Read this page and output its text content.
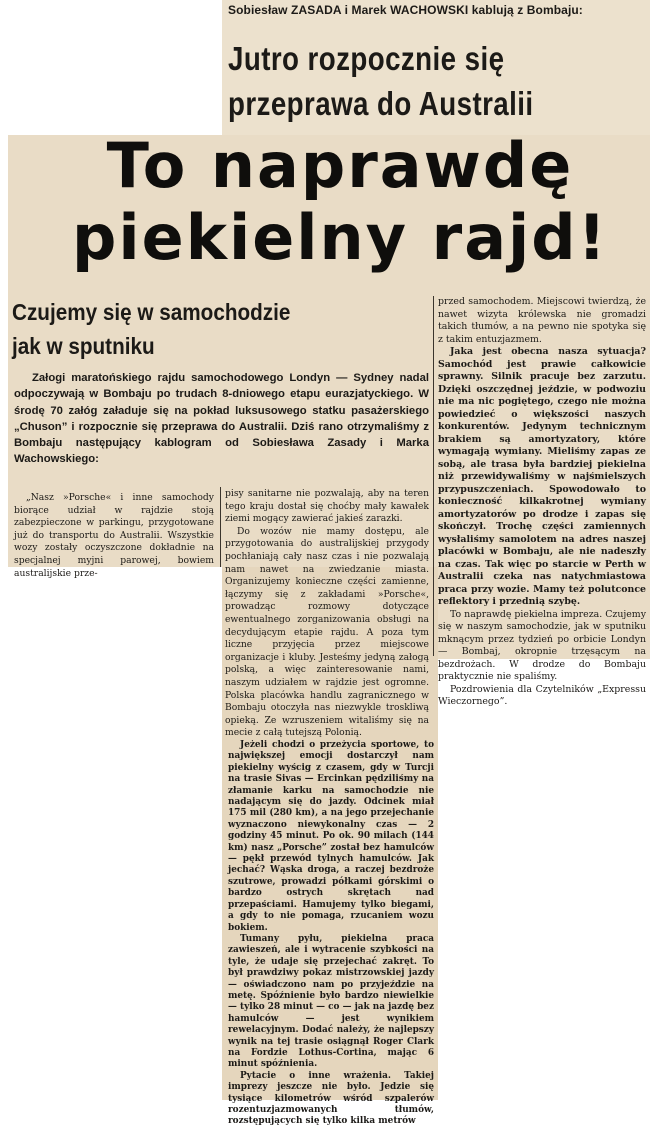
Sobiesław ZASADA i Marek WACHOWSKI kablują z Bombaju:
Jutro rozpocznie się
przeprawa do Australii
To naprawdę
piekielny rajd!
Czujemy się w samochodzie
jak w sputniku
Załogi maratońskiego rajdu samochodowego Londyn — Sydney nadal odpoczywają w Bombaju po trudach 8-dniowego etapu eurazjatyckiego. W środę 70 załóg załaduje się na pokład luksusowego statku pasażerskiego „Chuson” i rozpocznie się przeprawa do Australii. Dziś rano otrzymaliśmy z Bombaju następujący kablogram od Sobiesława Zasady i Marka Wachowskiego:

„Nasz »Porsche« i inne samochody biorące udział w rajdzie stoją zabezpieczone w parkingu, przygotowane już do transportu do Australii. Wszystkie wozy zostały oczyszczone dokładnie na specjalnej myjni parowej, bowiem australijskie prze-

pisy sanitarne nie pozwalają, aby na teren tego kraju dostał się choćby mały kawałek ziemi mogący zawierać jakieś zarazki.

Do wozów nie mamy dostępu, ale przygotowania do australijskiej przygody pochłaniają cały nasz czas i nie pozwalają nam nawet na zwiedzanie miasta. Organizujemy konieczne części zamienne, łączymy się z zakładami »Porsche«, prowadząc rozmowy dotyczące ewentualnego zorganizowania obsługi na decydującym etapie rajdu. A poza tym liczne przyjęcia przez miejscowe organizacje i kluby. Jesteśmy jedyną załogą polską, a więc zainteresowanie nami, naszym udziałem w rajdzie jest ogromne. Polska placówka handlu zagranicznego w Bombaju otoczyła nas niezwykle troskliwą opieką. Ze wzruszeniem witaliśmy się na mecie z całą tutejszą Polonią.

Jeżeli chodzi o przeżycia sportowe, to największej emocji dostarczył nam piekielny wyścig z czasem, gdy w Turcji na trasie Sivas — Ercinkan pędziliśmy na złamanie karku na samochodzie nie nadającym się do jazdy. Odcinek miał 175 mil (280 km), a na jego przejechanie wyznaczono niewykonalny czas — 2 godziny 45 minut. Po ok. 90 milach (144 km) nasz „Porsche” został bez hamulców — pękł przewód tylnych hamulców. Jak jechać? Wąska droga, a raczej bezdroże szutrowe, prowadzi półkami górskimi o bardzo ostrych skrętach nad przepaściami. Hamujemy tylko biegami, a gdy to nie pomaga, rzucaniem wozu bokiem.

Tumany pyłu, piekielna praca zawieszeń, ale i wytracenie szybkości na tyle, że udaje się przejechać zakręt. To był prawdziwy pokaz mistrzowskiej jazdy — oświadczono nam po przyjeździe na metę. Spóźnienie było bardzo niewielkie — tylko 28 minut — co — jak na jazdę bez hamulców — jest wynikiem rewelacyjnym. Dodać należy, że najlepszy wynik na tej trasie osiągnął Roger Clark na Fordzie Lothus-Cortina, mając 6 minut spóźnienia.

Pytacie o inne wrażenia. Takiej imprezy jeszcze nie było. Jedzie się tysiące kilometrów wśród szpalerów rozentuzjazmowanych tłumów, rozstępujących się tylko kilka metrów

przed samochodem. Miejscowi twierdzą, że nawet wizyta królewska nie gromadzi takich tłumów, a na pewno nie spotyka się z takim entuzjazmem.

Jaka jest obecna nasza sytuacja? Samochód jest prawie całkowicie sprawny. Silnik pracuje bez zarzutu. Dzięki oszczędnej jeździe, w podwoziu nie ma nic pogiętego, czego nie można powiedzieć o większości naszych konkurentów. Jedynym technicznym brakiem są amortyzatory, które wymagają wymiany. Mieliśmy zapas ze sobą, ale trasa była bardziej piekielna niż przewidywaliśmy w najśmielszych przypuszczeniach. Spowodowało to konieczność kilkakrotnej wymiany amortyzatorów po drodze i zapas się skończył. Trochę części zamiennych wysłaliśmy samolotem na adres naszej placówki w Bombaju, ale nie nadeszły na czas. Tak więc po starcie w Perth w Australii czeka nas natychmiastowa praca przy wozie. Mamy też polutconce reflektory i przednią szybę.

To naprawdę piekielna impreza. Czujemy się w naszym samochodzie, jak w sputniku mknącym przez tydzień po orbicie Londyn — Bombaj, okropnie trzęsącym na bezdrożach. W drodze do Bombaju praktycznie nie spaliśmy.

Pozdrowienia dla Czytelników „Expressu Wieczornego”.
